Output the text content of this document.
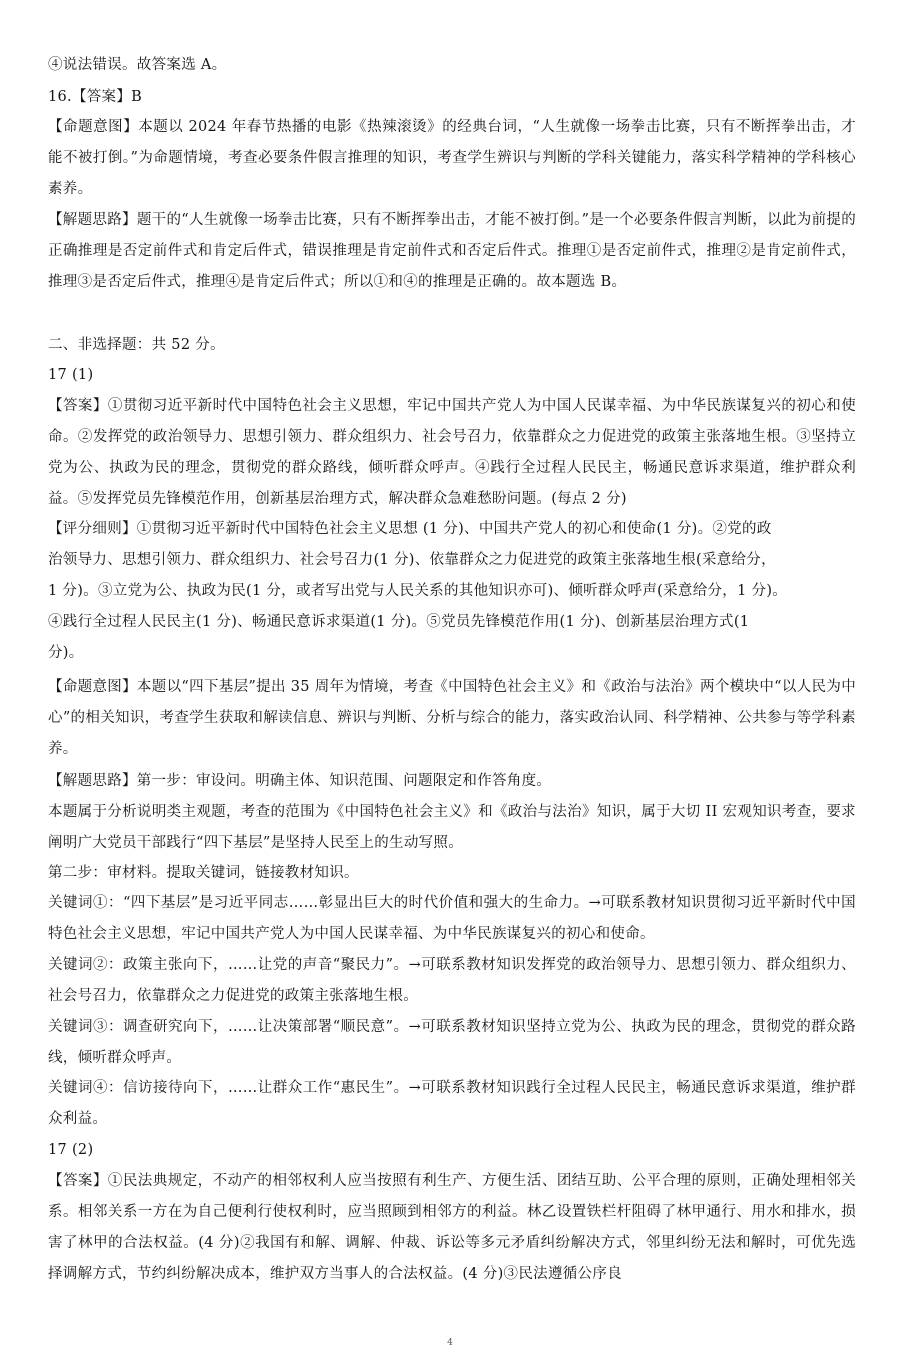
④说法错误。故答案选 A。

16.【答案】B

【命题意图】本题以 2024 年春节热播的电影《热辣滚烫》的经典台词，“人生就像一场拳击比赛，只有不断挥拳出击，才能不被打倒。”为命题情境，考查必要条件假言推理的知识，考查学生辨识与判断的学科关键能力，落实科学精神的学科核心素养。

【解题思路】题干的“人生就像一场拳击比赛，只有不断挥拳出击，才能不被打倒。”是一个必要条件假言判断，以此为前提的正确推理是否定前件式和肯定后件式，错误推理是肯定前件式和否定后件式。推理①是否定前件式，推理②是肯定前件式，推理③是否定后件式，推理④是肯定后件式；所以①和④的推理是正确的。故本题选 B。

二、非选择题：共 52 分。

17 (1)

【答案】①贯彻习近平新时代中国特色社会主义思想，牢记中国共产党人为中国人民谋幸福、为中华民族谋复兴的初心和使命。②发挥党的政治领导力、思想引领力、群众组织力、社会号召力，依靠群众之力促进党的政策主张落地生根。③坚持立党为公、执政为民的理念，贯彻党的群众路线，倾听群众呼声。④践行全过程人民民主，畅通民意诉求渠道，维护群众利益。⑤发挥党员先锋模范作用，创新基层治理方式，解决群众急难愁盼问题。(每点 2 分)

【评分细则】①贯彻习近平新时代中国特色社会主义思想 (1 分)、中国共产党人的初心和使命(1 分)。②党的政

治领导力、思想引领力、群众组织力、社会号召力(1 分)、依靠群众之力促进党的政策主张落地生根(采意给分，

1 分)。③立党为公、执政为民(1 分，或者写出党与人民关系的其他知识亦可)、倾听群众呼声(采意给分，1 分)。

④践行全过程人民民主(1 分)、畅通民意诉求渠道(1 分)。⑤党员先锋模范作用(1 分)、创新基层治理方式(1

分)。

【命题意图】本题以“四下基层”提出 35 周年为情境，考查《中国特色社会主义》和《政治与法治》两个模块中“以人民为中心”的相关知识，考查学生获取和解读信息、辨识与判断、分析与综合的能力，落实政治认同、科学精神、公共参与等学科素养。

【解题思路】第一步：审设问。明确主体、知识范围、问题限定和作答角度。

本题属于分析说明类主观题，考查的范围为《中国特色社会主义》和《政治与法治》知识，属于大切 II 宏观知识考查，要求阐明广大党员干部践行“四下基层”是坚持人民至上的生动写照。

第二步：审材料。提取关键词，链接教材知识。

关键词①：“四下基层”是习近平同志……彰显出巨大的时代价值和强大的生命力。→可联系教材知识贯彻习近平新时代中国特色社会主义思想，牢记中国共产党人为中国人民谋幸福、为中华民族谋复兴的初心和使命。

关键词②：政策主张向下，……让党的声音“聚民力”。→可联系教材知识发挥党的政治领导力、思想引领力、群众组织力、社会号召力，依靠群众之力促进党的政策主张落地生根。

关键词③：调查研究向下，……让决策部署“顺民意”。→可联系教材知识坚持立党为公、执政为民的理念，贯彻党的群众路线，倾听群众呼声。

关键词④：信访接待向下，……让群众工作“惠民生”。→可联系教材知识践行全过程人民民主，畅通民意诉求渠道，维护群众利益。

17 (2)

【答案】①民法典规定，不动产的相邻权利人应当按照有利生产、方便生活、团结互助、公平合理的原则，正确处理相邻关系。相邻关系一方在为自己便利行使权利时，应当照顾到相邻方的利益。林乙设置铁栏杆阻碍了林甲通行、用水和排水，损害了林甲的合法权益。(4 分)②我国有和解、调解、仲裁、诉讼等多元矛盾纠纷解决方式，邻里纠纷无法和解时，可优先选择调解方式，节约纠纷解决成本，维护双方当事人的合法权益。(4 分)③民法遵循公序良

4
